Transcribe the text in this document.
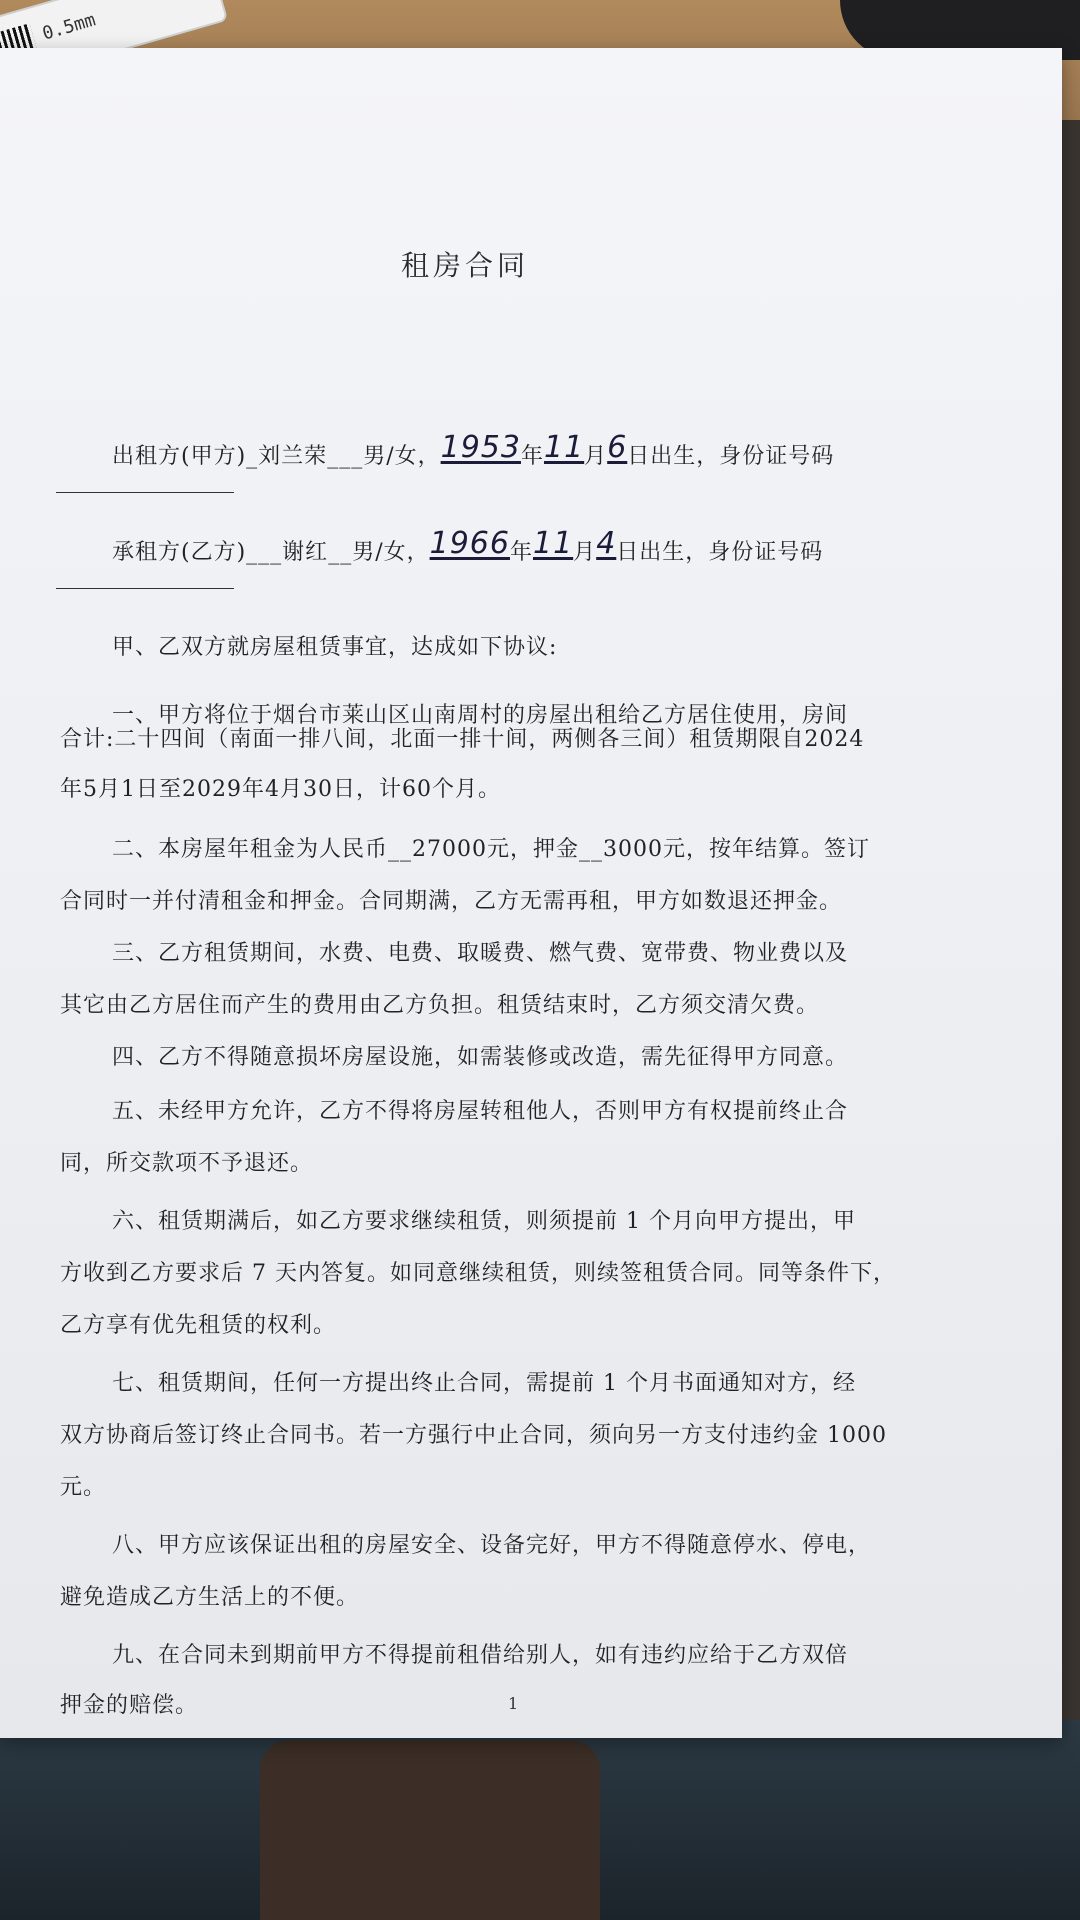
0.5mm
租房合同
出租方(甲方)_刘兰荣___男/女，1953年11月6日出生，身份证号码
承租方(乙方)___谢红__男/女，1966年11月4日出生，身份证号码
甲、乙双方就房屋租赁事宜，达成如下协议:
一、甲方将位于烟台市莱山区山南周村的房屋出租给乙方居住使用，房间
合计:二十四间（南面一排八间，北面一排十间，两侧各三间）租赁期限自2024
年5月1日至2029年4月30日，计60个月。
二、本房屋年租金为人民币__27000元，押金__3000元，按年结算。签订
合同时一并付清租金和押金。合同期满，乙方无需再租，甲方如数退还押金。
三、乙方租赁期间，水费、电费、取暖费、燃气费、宽带费、物业费以及
其它由乙方居住而产生的费用由乙方负担。租赁结束时，乙方须交清欠费。
四、乙方不得随意损坏房屋设施，如需装修或改造，需先征得甲方同意。
五、未经甲方允许，乙方不得将房屋转租他人，否则甲方有权提前终止合
同，所交款项不予退还。
六、租赁期满后，如乙方要求继续租赁，则须提前 1 个月向甲方提出，甲
方收到乙方要求后 7 天内答复。如同意继续租赁，则续签租赁合同。同等条件下，
乙方享有优先租赁的权利。
七、租赁期间，任何一方提出终止合同，需提前 1 个月书面通知对方，经
双方协商后签订终止合同书。若一方强行中止合同，须向另一方支付违约金 1000
元。
八、甲方应该保证出租的房屋安全、设备完好，甲方不得随意停水、停电，
避免造成乙方生活上的不便。
九、在合同未到期前甲方不得提前租借给别人，如有违约应给于乙方双倍
押金的赔偿。	1
